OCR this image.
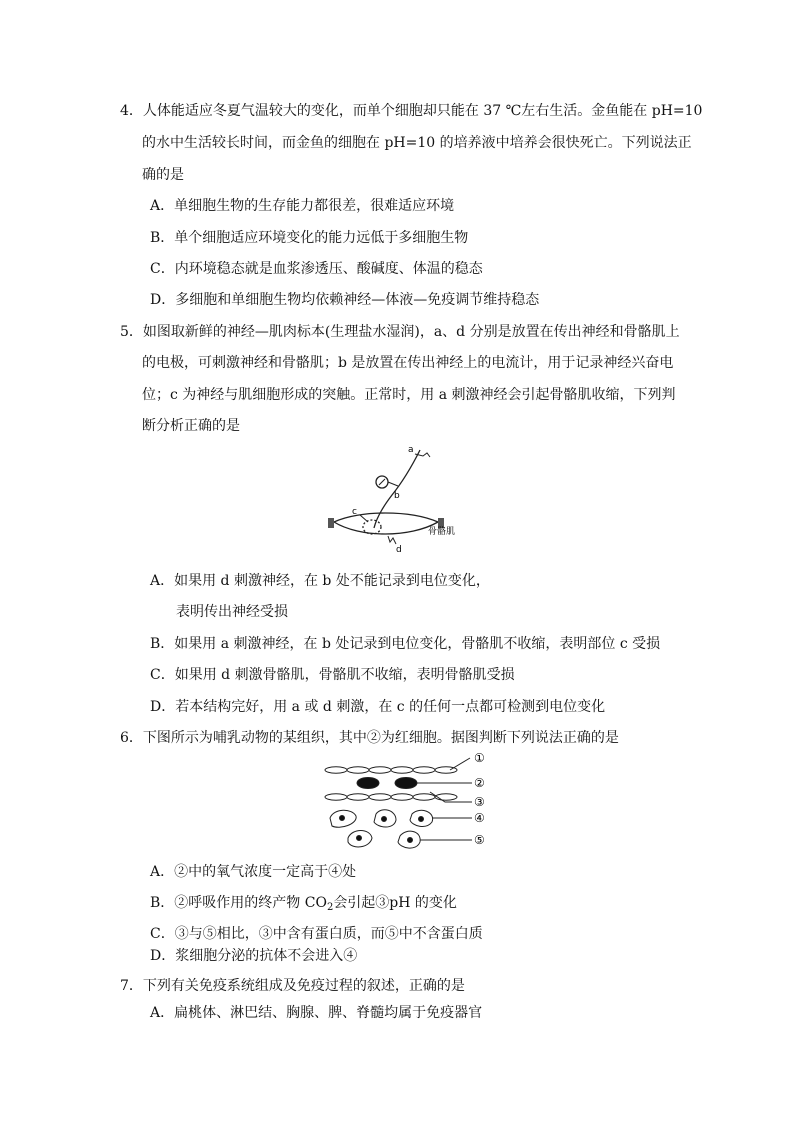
4．人体能适应冬夏气温较大的变化，而单个细胞却只能在 37 ℃左右生活。金鱼能在 pH=10
的水中生活较长时间，而金鱼的细胞在 pH=10 的培养液中培养会很快死亡。下列说法正
确的是
A．单细胞生物的生存能力都很差，很难适应环境
B．单个细胞适应环境变化的能力远低于多细胞生物
C．内环境稳态就是血浆渗透压、酸碱度、体温的稳态
D．多细胞和单细胞生物均依赖神经—体液—免疫调节维持稳态
5．如图取新鲜的神经—肌肉标本(生理盐水湿润)，a、d 分别是放置在传出神经和骨骼肌上
的电极，可刺激神经和骨骼肌；b 是放置在传出神经上的电流计，用于记录神经兴奋电
位；c 为神经与肌细胞形成的突触。正常时，用 a 刺激神经会引起骨骼肌收缩，下列判
断分析正确的是
a
b
c
d
骨骼肌
A．如果用 d 刺激神经，在 b 处不能记录到电位变化，
表明传出神经受损
B．如果用 a 刺激神经，在 b 处记录到电位变化，骨骼肌不收缩，表明部位 c 受损
C．如果用 d 刺激骨骼肌，骨骼肌不收缩，表明骨骼肌受损
D．若本结构完好，用 a 或 d 刺激，在 c 的任何一点都可检测到电位变化
6．下图所示为哺乳动物的某组织，其中②为红细胞。据图判断下列说法正确的是
①
②
③
④
⑤
A．②中的氧气浓度一定高于④处
B．②呼吸作用的终产物 $CO_2$会引起③pH 的变化
C．③与⑤相比，③中含有蛋白质，而⑤中不含蛋白质
D．浆细胞分泌的抗体不会进入④
7．下列有关免疫系统组成及免疫过程的叙述，正确的是
A．扁桃体、淋巴结、胸腺、脾、脊髓均属于免疫器官
